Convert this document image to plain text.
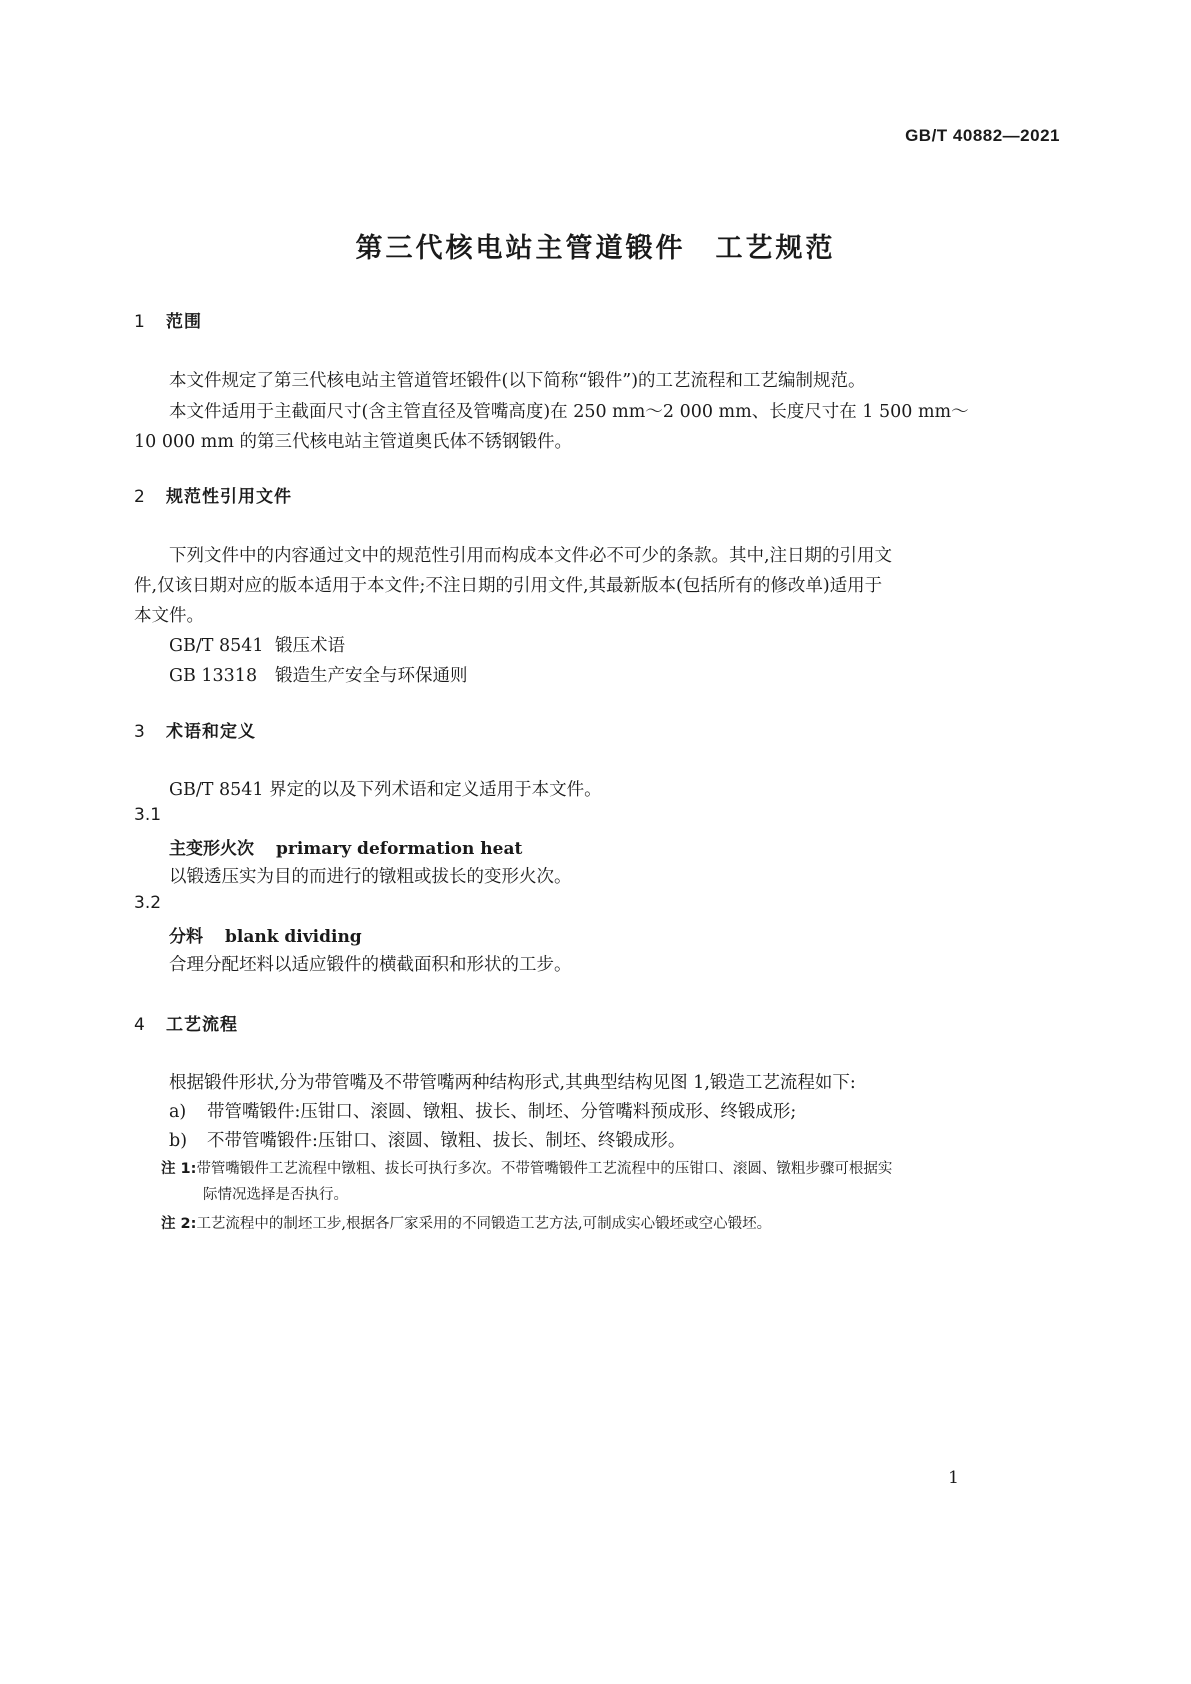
GB/T 40882—2021
第三代核电站主管道锻件　工艺规范
1 范围
本文件规定了第三代核电站主管道管坯锻件(以下简称“锻件”)的工艺流程和工艺编制规范。
本文件适用于主截面尺寸(含主管直径及管嘴高度)在 250 mm～2 000 mm、长度尺寸在 1 500 mm～
10 000 mm 的第三代核电站主管道奥氏体不锈钢锻件。
2 规范性引用文件
下列文件中的内容通过文中的规范性引用而构成本文件必不可少的条款。其中,注日期的引用文
件,仅该日期对应的版本适用于本文件;不注日期的引用文件,其最新版本(包括所有的修改单)适用于
本文件。
GB/T 8541 锻压术语
GB 13318 锻造生产安全与环保通则
3 术语和定义
GB/T 8541 界定的以及下列术语和定义适用于本文件。
3.1
主变形火次 primary deformation heat
以锻透压实为目的而进行的镦粗或拔长的变形火次。
3.2
分料 blank dividing
合理分配坯料以适应锻件的横截面积和形状的工步。
4 工艺流程
根据锻件形状,分为带管嘴及不带管嘴两种结构形式,其典型结构见图 1,锻造工艺流程如下:
a) 带管嘴锻件:压钳口、滚圆、镦粗、拔长、制坯、分管嘴料预成形、终锻成形;
b) 不带管嘴锻件:压钳口、滚圆、镦粗、拔长、制坯、终锻成形。
注 1:带管嘴锻件工艺流程中镦粗、拔长可执行多次。不带管嘴锻件工艺流程中的压钳口、滚圆、镦粗步骤可根据实
际情况选择是否执行。
注 2:工艺流程中的制坯工步,根据各厂家采用的不同锻造工艺方法,可制成实心锻坯或空心锻坯。
1
